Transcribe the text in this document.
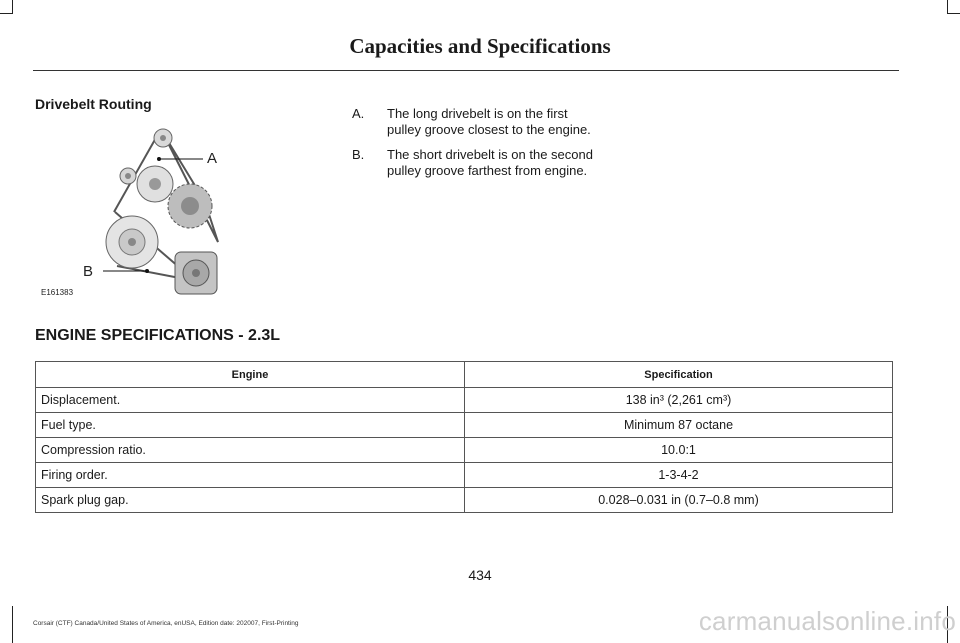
Capacities and Specifications
Drivebelt Routing
A
B
E161383
A.	The long drivebelt is on the first pulley groove closest to the engine.
B.	The short drivebelt is on the second pulley groove farthest from engine.
ENGINE SPECIFICATIONS - 2.3L
Engine	Specification
Displacement.	138 in³ (2,261 cm³)
Fuel type.	Minimum 87 octane
Compression ratio.	10.0:1
Firing order.	1-3-4-2
Spark plug gap.	0.028–0.031 in (0.7–0.8 mm)
434
Corsair (CTF) Canada/United States of America, enUSA, Edition date: 202007, First-Printing	carmanualsonline.info
